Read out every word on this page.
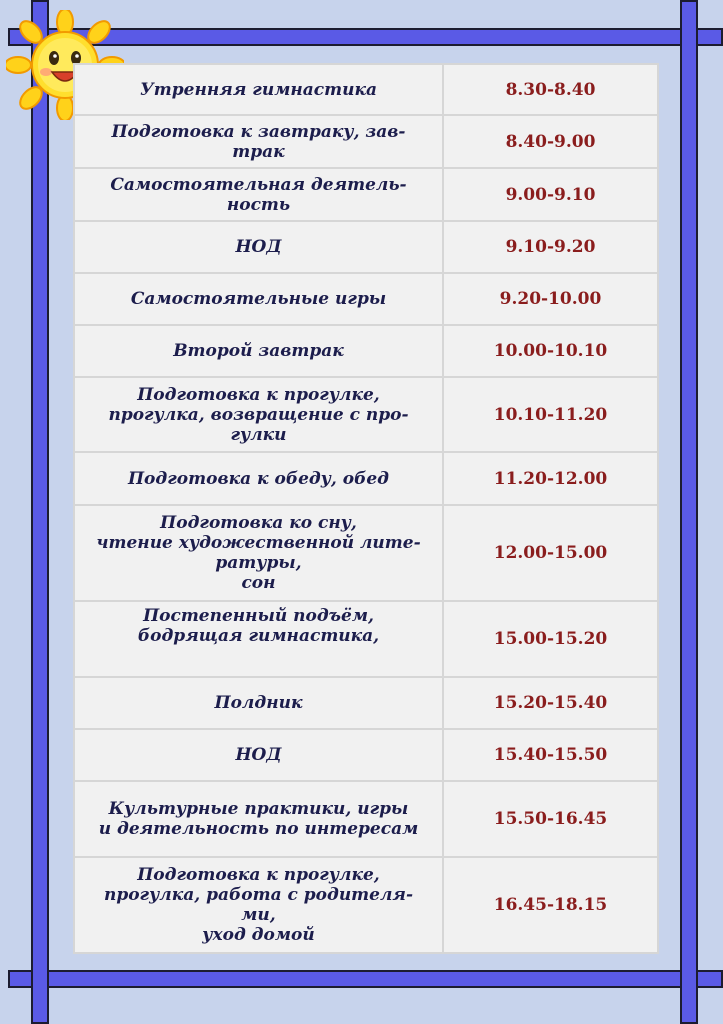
Утренняя гимнастика	8.30-8.40
Подготовка к завтраку, зав-
трак	8.40-9.00
Самостоятельная деятель-
ность	9.00-9.10
НОД	9.10-9.20
Самостоятельные игры	9.20-10.00
Второй завтрак	10.00-10.10
Подготовка к прогулке,
прогулка, возвращение с про-
гулки	10.10-11.20
Подготовка к обеду, обед	11.20-12.00
Подготовка ко сну,
чтение художественной лите-
ратуры,
сон	12.00-15.00
Постепенный подъём,
бодрящая гимнастика,	15.00-15.20
Полдник	15.20-15.40
НОД	15.40-15.50
Культурные практики, игры
и деятельность по интересам	15.50-16.45
Подготовка к прогулке,
прогулка, работа с родителя-
ми,
уход домой	16.45-18.15
